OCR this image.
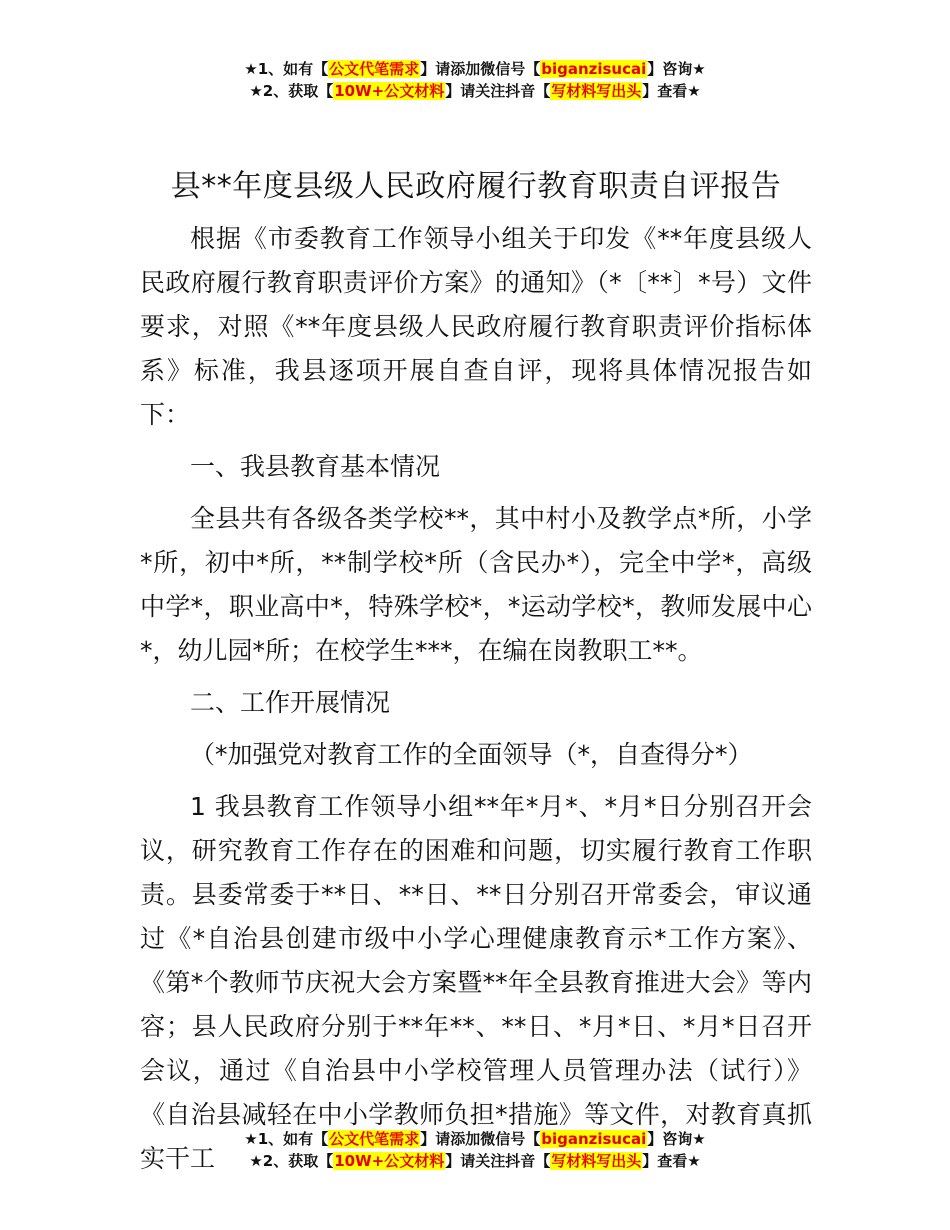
★1、如有【公文代笔需求】请添加微信号【biganzisucai】咨询★
★2、获取【10W+公文材料】请关注抖音【写材料写出头】查看★
县**年度县级人民政府履行教育职责自评报告

根据《市委教育工作领导小组关于印发《**年度县级人民政府履行教育职责评价方案》的通知》（*〔**〕*号）文件要求，对照《**年度县级人民政府履行教育职责评价指标体系》标准，我县逐项开展自查自评，现将具体情况报告如下：

一、我县教育基本情况

全县共有各级各类学校**，其中村小及教学点*所，小学*所，初中*所，**制学校*所（含民办*），完全中学*，高级中学*，职业高中*，特殊学校*，*运动学校*，教师发展中心*，幼儿园*所；在校学生***，在编在岗教职工**。

二、工作开展情况

（*加强党对教育工作的全面领导（*，自查得分*）

1 我县教育工作领导小组**年*月*、*月*日分别召开会议，研究教育工作存在的困难和问题，切实履行教育工作职责。县委常委于**日、**日、**日分别召开常委会，审议通过《*自治县创建市级中小学心理健康教育示*工作方案》、《第*个教师节庆祝大会方案暨**年全县教育推进大会》等内容；县人民政府分别于**年**、**日、*月*日、*月*日召开会议，通过《自治县中小学校管理人员管理办法（试行）》《自治县减轻在中小学教师负担*措施》等文件，对教育真抓实干工

★1、如有【公文代笔需求】请添加微信号【biganzisucai】咨询★
★2、获取【10W+公文材料】请关注抖音【写材料写出头】查看★
